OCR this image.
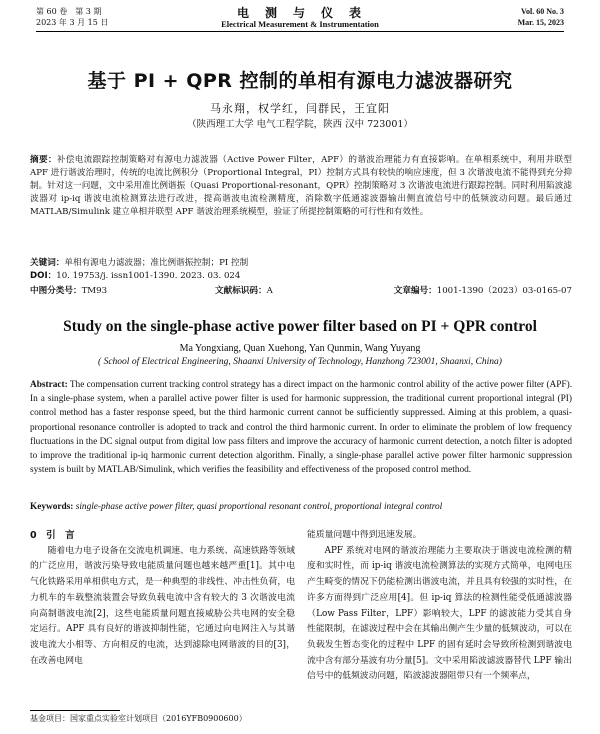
第 60 卷　第 3 期
2023 年 3 月 15 日
电　测　与　仪　表
Electrical Measurement & Instrumentation
Vol. 60 No. 3
Mar. 15, 2023
基于 PI + QPR 控制的单相有源电力滤波器研究
马永翔，权学红，闫群民，王宜阳
（陕西理工大学 电气工程学院，陕西 汉中 723001）
摘要：补偿电流跟踪控制策略对有源电力滤波器（Active Power Filter，APF）的谐波治理能力有直接影响。在单相系统中，利用并联型 APF 进行谐波治理时，传统的电流比例积分（Proportional Integral，PI）控制方式具有较快的响应速度，但 3 次谐波电流不能得到充分抑制。针对这一问题，文中采用准比例谐振（Quasi Proportional-resonant，QPR）控制策略对 3 次谐波电流进行跟踪控制。同时利用陷波滤波器对 ip-iq 谐波电流检测算法进行改进，提高谐波电流检测精度，消除数字低通滤波器输出侧直流信号中的低频波动问题。最后通过 MATLAB/Simulink 建立单相并联型 APF 谐波治理系统模型，验证了所提控制策略的可行性和有效性。
关键词：单相有源电力滤波器；准比例谐振控制；PI 控制
DOI：10. 19753/j. issn1001-1390. 2023. 03. 024
中图分类号：TM93	文献标识码：A	文章编号：1001-1390（2023）03-0165-07
Study on the single-phase active power filter based on PI + QPR control
Ma Yongxiang, Quan Xuehong, Yan Qunmin, Wang Yuyang
( School of Electrical Engineering, Shaanxi University of Technology, Hanzhong 723001, Shaanxi, China)
Abstract: The compensation current tracking control strategy has a direct impact on the harmonic control ability of the active power filter (APF). In a single-phase system, when a parallel active power filter is used for harmonic suppression, the traditional current proportional integral (PI) control method has a faster response speed, but the third harmonic current cannot be sufficiently suppressed. Aiming at this problem, a quasi-proportional resonance controller is adopted to track and control the third harmonic current. In order to eliminate the problem of low frequency fluctuations in the DC signal output from digital low pass filters and improve the accuracy of harmonic current detection, a notch filter is adopted to improve the traditional ip-iq harmonic current detection algorithm. Finally, a single-phase parallel active power filter harmonic suppression system is built by MATLAB/Simulink, which verifies the feasibility and effectiveness of the proposed control method.
Keywords: single-phase active power filter, quasi proportional resonant control, proportional integral control
0　引　言

随着电力电子设备在交流电机调速、电力系统、高速铁路等领域的广泛应用，谐波污染导致电能质量问题也越来越严重[1]。其中电气化铁路采用单相供电方式，是一种典型的非线性、冲击性负荷，电力机车的车载整流装置会导致负载电流中含有较大的 3 次谐波电流向高制谐波电流[2]，这些电能质量问题直接威胁公共电网的安全稳定运行。APF 具有良好的谐波抑制性能，它通过向电网注入与其谐波电流大小相等、方向相反的电流，达到滤除电网谐波的目的[3]，在改善电网电

能质量问题中得到迅速发展。

APF 系统对电网的谐波治理能力主要取决于谐波电流检测的精度和实时性，而 ip-iq 谐波电流检测算法的实现方式简单，电网电压产生畸变的情况下仍能检测出谐波电流，并且具有较强的实时性，在许多方面得到广泛应用[4]。但 ip-iq 算法的检测性能受低通滤波器（Low Pass Filter，LPF）影响较大，LPF 的滤波能力受其自身性能限制，在滤波过程中会在其输出侧产生少量的低频波动，可以在负载发生暂态变化的过程中 LPF 的固有延时会导致所检测到谐波电流中含有部分基波有功分量[5]。文中采用陷波滤波器替代 LPF 输出信号中的低频波动问题，陷波滤波器阻带只有一个频率点，

基金项目：国家重点实验室计划项目（2016YFB0900600）
